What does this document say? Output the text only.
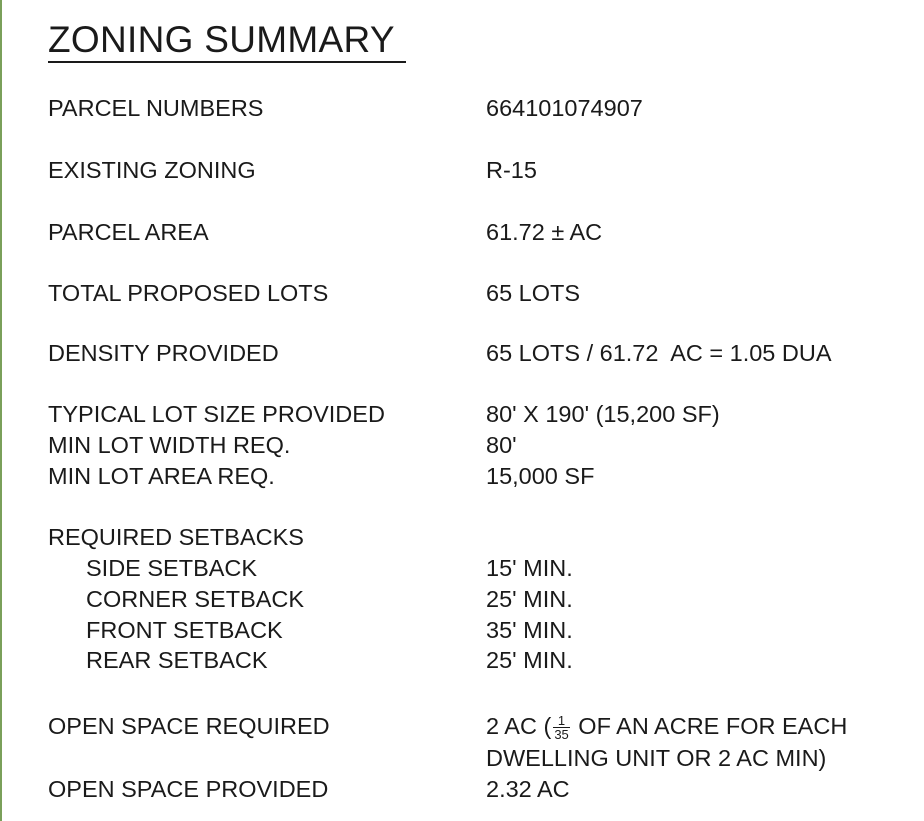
ZONING SUMMARY
PARCEL NUMBERS	664101074907
EXISTING ZONING	R-15
PARCEL AREA	61.72 ± AC
TOTAL PROPOSED LOTS	65 LOTS
DENSITY PROVIDED	65 LOTS / 61.72  AC = 1.05 DUA
TYPICAL LOT SIZE PROVIDED	80' X 190' (15,200 SF)
MIN LOT WIDTH REQ.	80'
MIN LOT AREA REQ.	15,000 SF
REQUIRED SETBACKS
SIDE SETBACK	15' MIN.
CORNER SETBACK	25' MIN.
FRONT SETBACK	35' MIN.
REAR SETBACK	25' MIN.
OPEN SPACE REQUIRED	2 AC ( $\frac{1}{35}$ OF AN ACRE FOR EACH
DWELLING UNIT OR 2 AC MIN)
OPEN SPACE PROVIDED	2.32 AC
